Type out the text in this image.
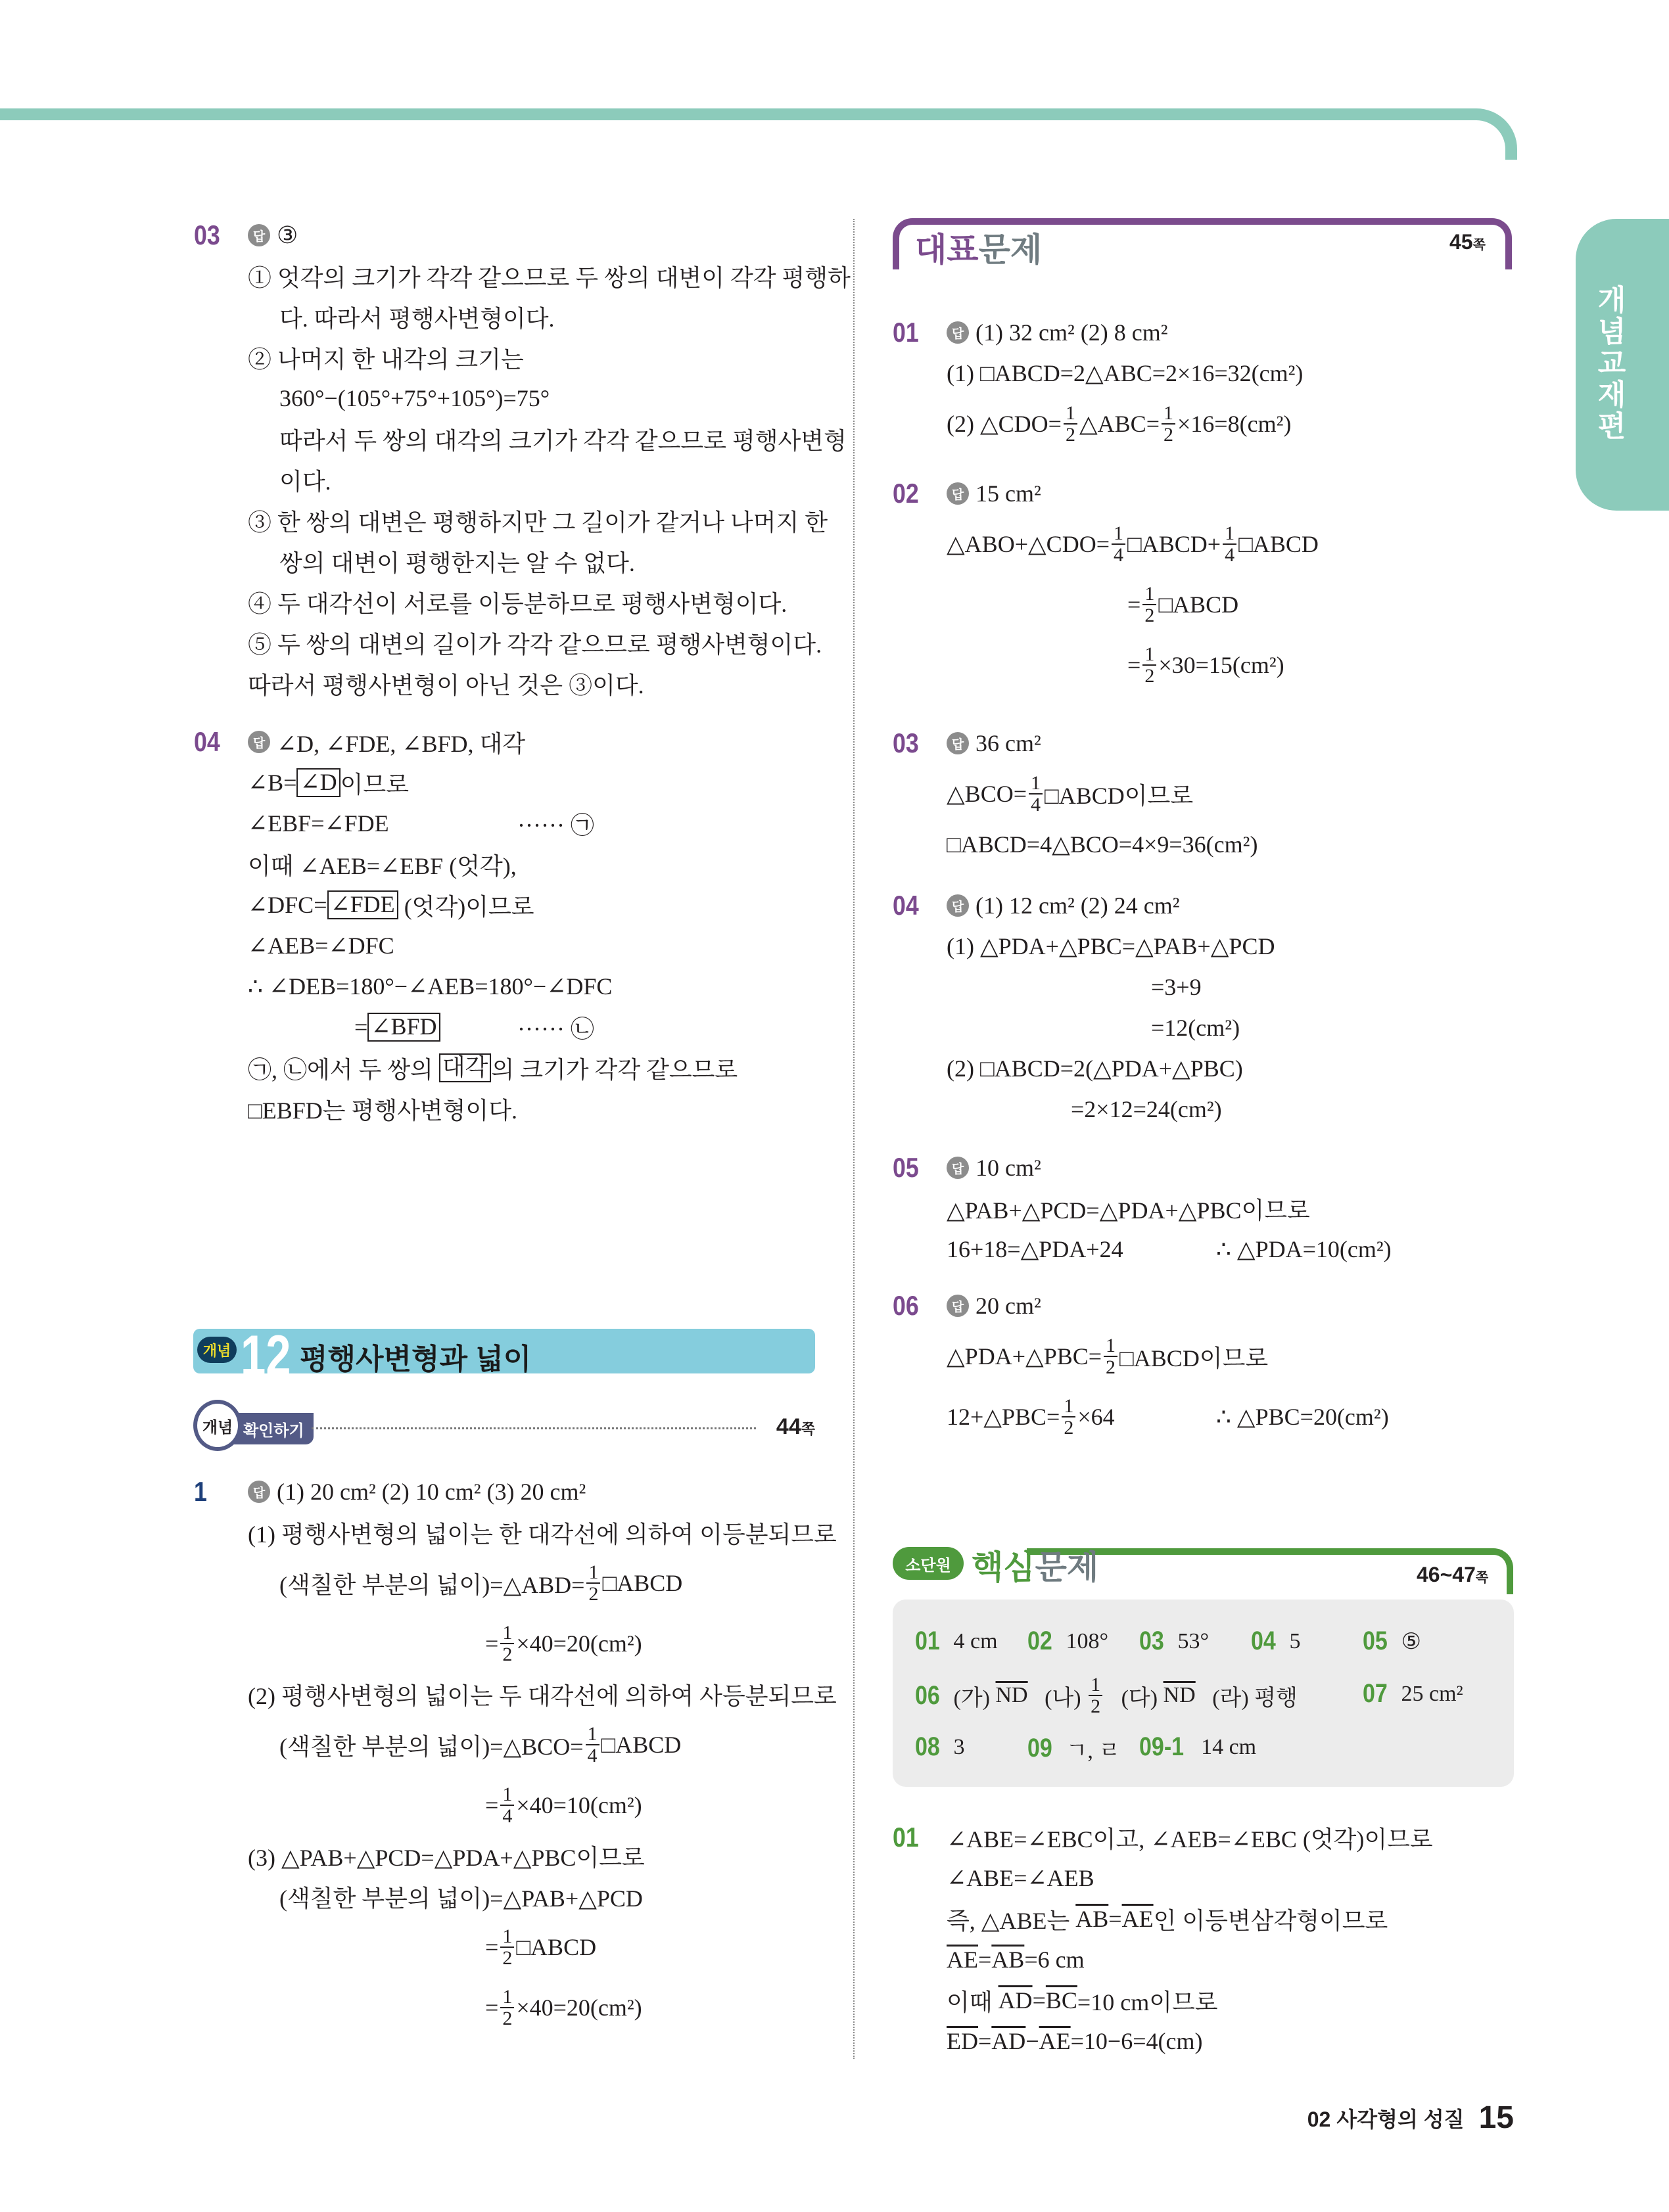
개념교재편
03	답 ③
① 엇각의 크기가 각각 같으므로 두 쌍의 대변이 각각 평행하
다. 따라서 평행사변형이다.
② 나머지 한 내각의 크기는
360°−(105°+75°+105°)=75°
따라서 두 쌍의 대각의 크기가 각각 같으므로 평행사변형
이다.
③ 한 쌍의 대변은 평행하지만 그 길이가 같거나 나머지 한
쌍의 대변이 평행한지는 알 수 없다.
④ 두 대각선이 서로를 이등분하므로 평행사변형이다.
⑤ 두 쌍의 대변의 길이가 각각 같으므로 평행사변형이다.
따라서 평행사변형이 아닌 것은 ③이다.
04	답 ∠D, ∠FDE, ∠BFD, 대각
∠B= ∠D 이므로
∠EBF=∠FDE	······ ㉠
이때 ∠AEB=∠EBF (엇각),
∠DFC= ∠FDE (엇각)이므로
∠AEB=∠DFC
∴ ∠DEB=180°−∠AEB=180°−∠DFC
= ∠BFD	······ ㉡
㉠, ㉡에서 두 쌍의 대각 의 크기가 각각 같으므로
□EBFD는 평행사변형이다.
개념 12 평행사변형과 넓이
개념 확인하기	44쪽
1	답 (1) 20 cm² (2) 10 cm² (3) 20 cm²
(1) 평행사변형의 넓이는 한 대각선에 의하여 이등분되므로
(색칠한 부분의 넓이)=△ABD= $\frac{1}{2}$ □ABCD
= $\frac{1}{2} \times 40=20(cm^2)$
(2) 평행사변형의 넓이는 두 대각선에 의하여 사등분되므로
(색칠한 부분의 넓이)=△BCO= $\frac{1}{4}$ □ABCD
= $\frac{1}{4} \times 40=10(cm^2)$
(3) △PAB+△PCD=△PDA+△PBC이므로
(색칠한 부분의 넓이)=△PAB+△PCD
= $\frac{1}{2}$ □ABCD
= $\frac{1}{2} \times 40=20(cm^2)$
대표문제	45쪽
01	답 (1) 32 cm² (2) 8 cm²
(1) □ABCD=2△ABC=2×16=32(cm²)
(2) △CDO= $\frac{1}{2}$ △ABC= $\frac{1}{2} \times 16=8(cm^2)$
02	답 15 cm²
△ABO+△CDO= $\frac{1}{4}$ □ABCD+ $\frac{1}{4}$ □ABCD
= $\frac{1}{2}$ □ABCD
= $\frac{1}{2} \times 30=15(cm^2)$
03	답 36 cm²
△BCO= $\frac{1}{4}$ □ABCD이므로
□ABCD=4△BCO=4×9=36(cm²)
04	답 (1) 12 cm² (2) 24 cm²
(1) △PDA+△PBC=△PAB+△PCD
=3+9
=12(cm²)
(2) □ABCD=2(△PDA+△PBC)
=2×12=24(cm²)
05	답 10 cm²
△PAB+△PCD=△PDA+△PBC이므로
16+18=△PDA+24	∴ △PDA=10(cm²)
06	답 20 cm²
△PDA+△PBC= $\frac{1}{2}$ □ABCD이므로
12+△PBC= $\frac{1}{2} \times 64$	∴ △PBC=20(cm²)
소단원 핵심문제	46~47쪽
01 4 cm 02 108° 03 53° 04 5 05 ⑤
06 (가) $\overline{ND}$ (나) $\frac{1}{2}$ (다) $\overline{ND}$ (라) 평행 07 25 cm²
08 3 09 ㄱ, ㄹ 09-1 14 cm
01 ∠ABE=∠EBC이고, ∠AEB=∠EBC (엇각)이므로
∠ABE=∠AEB
즉, △ABE는 $\overline{AB} = \overline{AE}$ 인 이등변삼각형이므로
$\overline{AE} = \overline{AB} =6$ cm
이때 $\overline{AD} = \overline{BC} =10$ cm이므로
$\overline{ED} = \overline{AD} - \overline{AE} =10-6=4(cm)$
02 사각형의 성질 15
